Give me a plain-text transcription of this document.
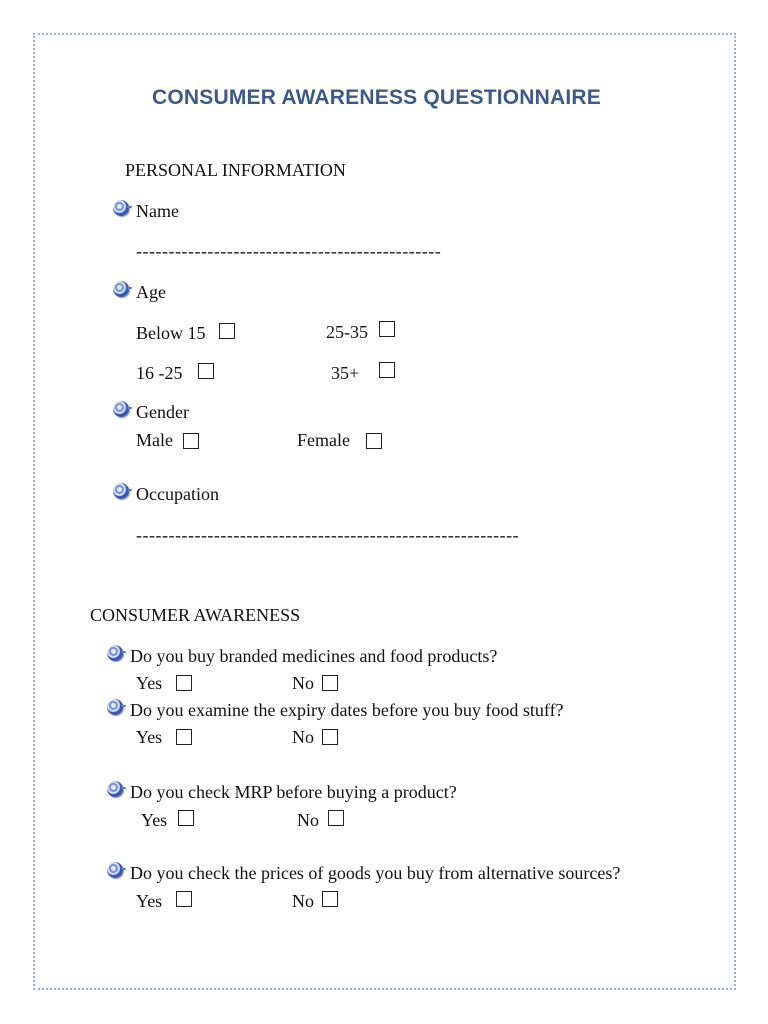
CONSUMER AWARENESS QUESTIONNAIRE
PERSONAL INFORMATION
Name
-----------------------------------------------
Age
Below 15	25-35
16 -25	35+
Gender
Male	Female
Occupation
-----------------------------------------------------------
CONSUMER AWARENESS
Do you buy branded medicines and food products?
Yes	No
Do you examine the expiry dates before you buy food stuff?
Yes	No
Do you check MRP before buying a product?
Yes	No
Do you check the prices of goods you buy from alternative sources?
Yes	No
